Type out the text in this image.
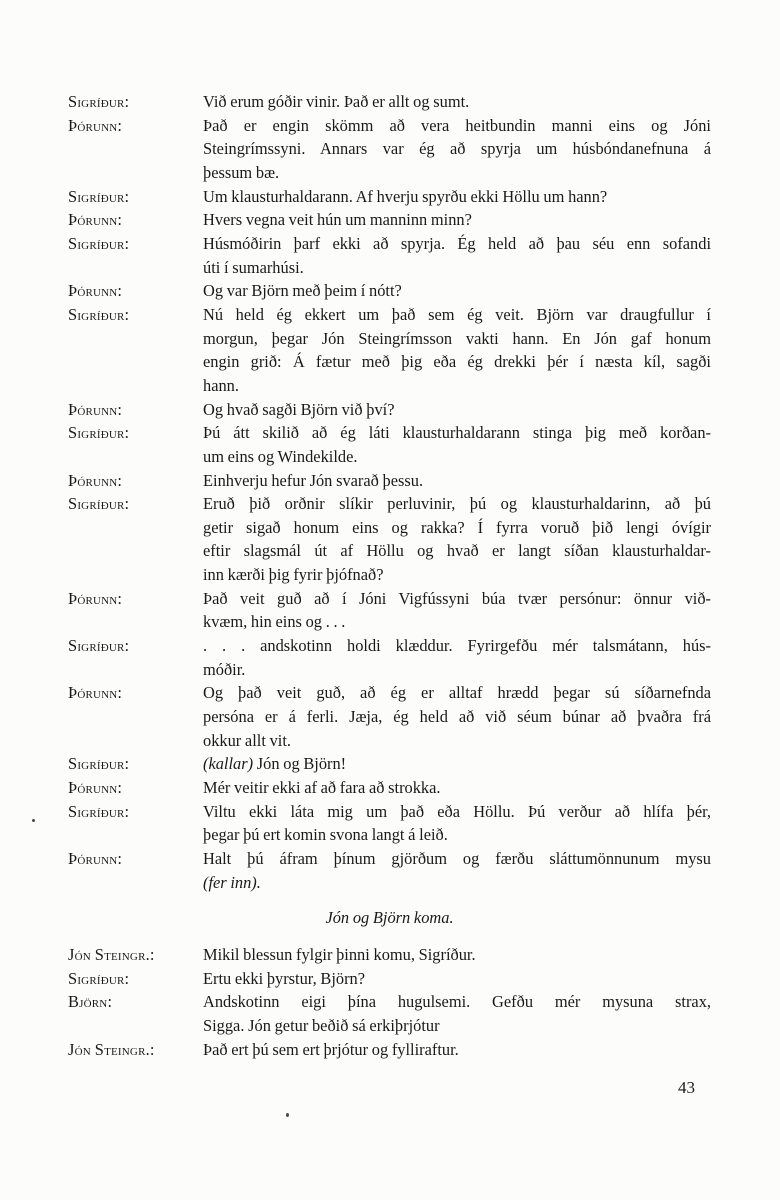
Sigríður:	Við erum góðir vinir. Það er allt og sumt.
Þórunn:	Það er engin skömm að vera heitbundin manni eins og Jóni
Steingrímssyni. Annars var ég að spyrja um húsbóndanefnuna á
þessum bæ.
Sigríður:	Um klausturhaldarann. Af hverju spyrðu ekki Höllu um hann?
Þórunn:	Hvers vegna veit hún um manninn minn?
Sigríður:	Húsmóðirin þarf ekki að spyrja. Ég held að þau séu enn sofandi
úti í sumarhúsi.
Þórunn:	Og var Björn með þeim í nótt?
Sigríður:	Nú held ég ekkert um það sem ég veit. Björn var draugfullur í
morgun, þegar Jón Steingrímsson vakti hann. En Jón gaf honum
engin grið: Á fætur með þig eða ég drekki þér í næsta kíl, sagði
hann.
Þórunn:	Og hvað sagði Björn við því?
Sigríður:	Þú átt skilið að ég láti klausturhaldarann stinga þig með korðan-
um eins og Windekilde.
Þórunn:	Einhverju hefur Jón svarað þessu.
Sigríður:	Eruð þið orðnir slíkir perluvinir, þú og klausturhaldarinn, að þú
getir sigað honum eins og rakka? Í fyrra voruð þið lengi óvígir
eftir slagsmál út af Höllu og hvað er langt síðan klausturhaldar-
inn kærði þig fyrir þjófnað?
Þórunn:	Það veit guð að í Jóni Vigfússyni búa tvær persónur: önnur við-
kvæm, hin eins og . . .
Sigríður:	. . . andskotinn holdi klæddur. Fyrirgefðu mér talsmátann, hús-
móðir.
Þórunn:	Og það veit guð, að ég er alltaf hrædd þegar sú síðarnefnda
persóna er á ferli. Jæja, ég held að við séum búnar að þvaðra frá
okkur allt vit.
Sigríður:	(kallar) Jón og Björn!
Þórunn:	Mér veitir ekki af að fara að strokka.
Sigríður:	Viltu ekki láta mig um það eða Höllu. Þú verður að hlífa þér,
þegar þú ert komin svona langt á leið.
Þórunn:	Halt þú áfram þínum gjörðum og færðu sláttumönnunum mysu
(fer inn).
Jón og Björn koma.
Jón Steingr.:	Mikil blessun fylgir þinni komu, Sigríður.
Sigríður:	Ertu ekki þyrstur, Björn?
Björn:	Andskotinn eigi þína hugulsemi. Gefðu mér mysuna strax,
Sigga. Jón getur beðið sá erkiþrjótur
Jón Steingr.:	Það ert þú sem ert þrjótur og fylliraftur.
43
